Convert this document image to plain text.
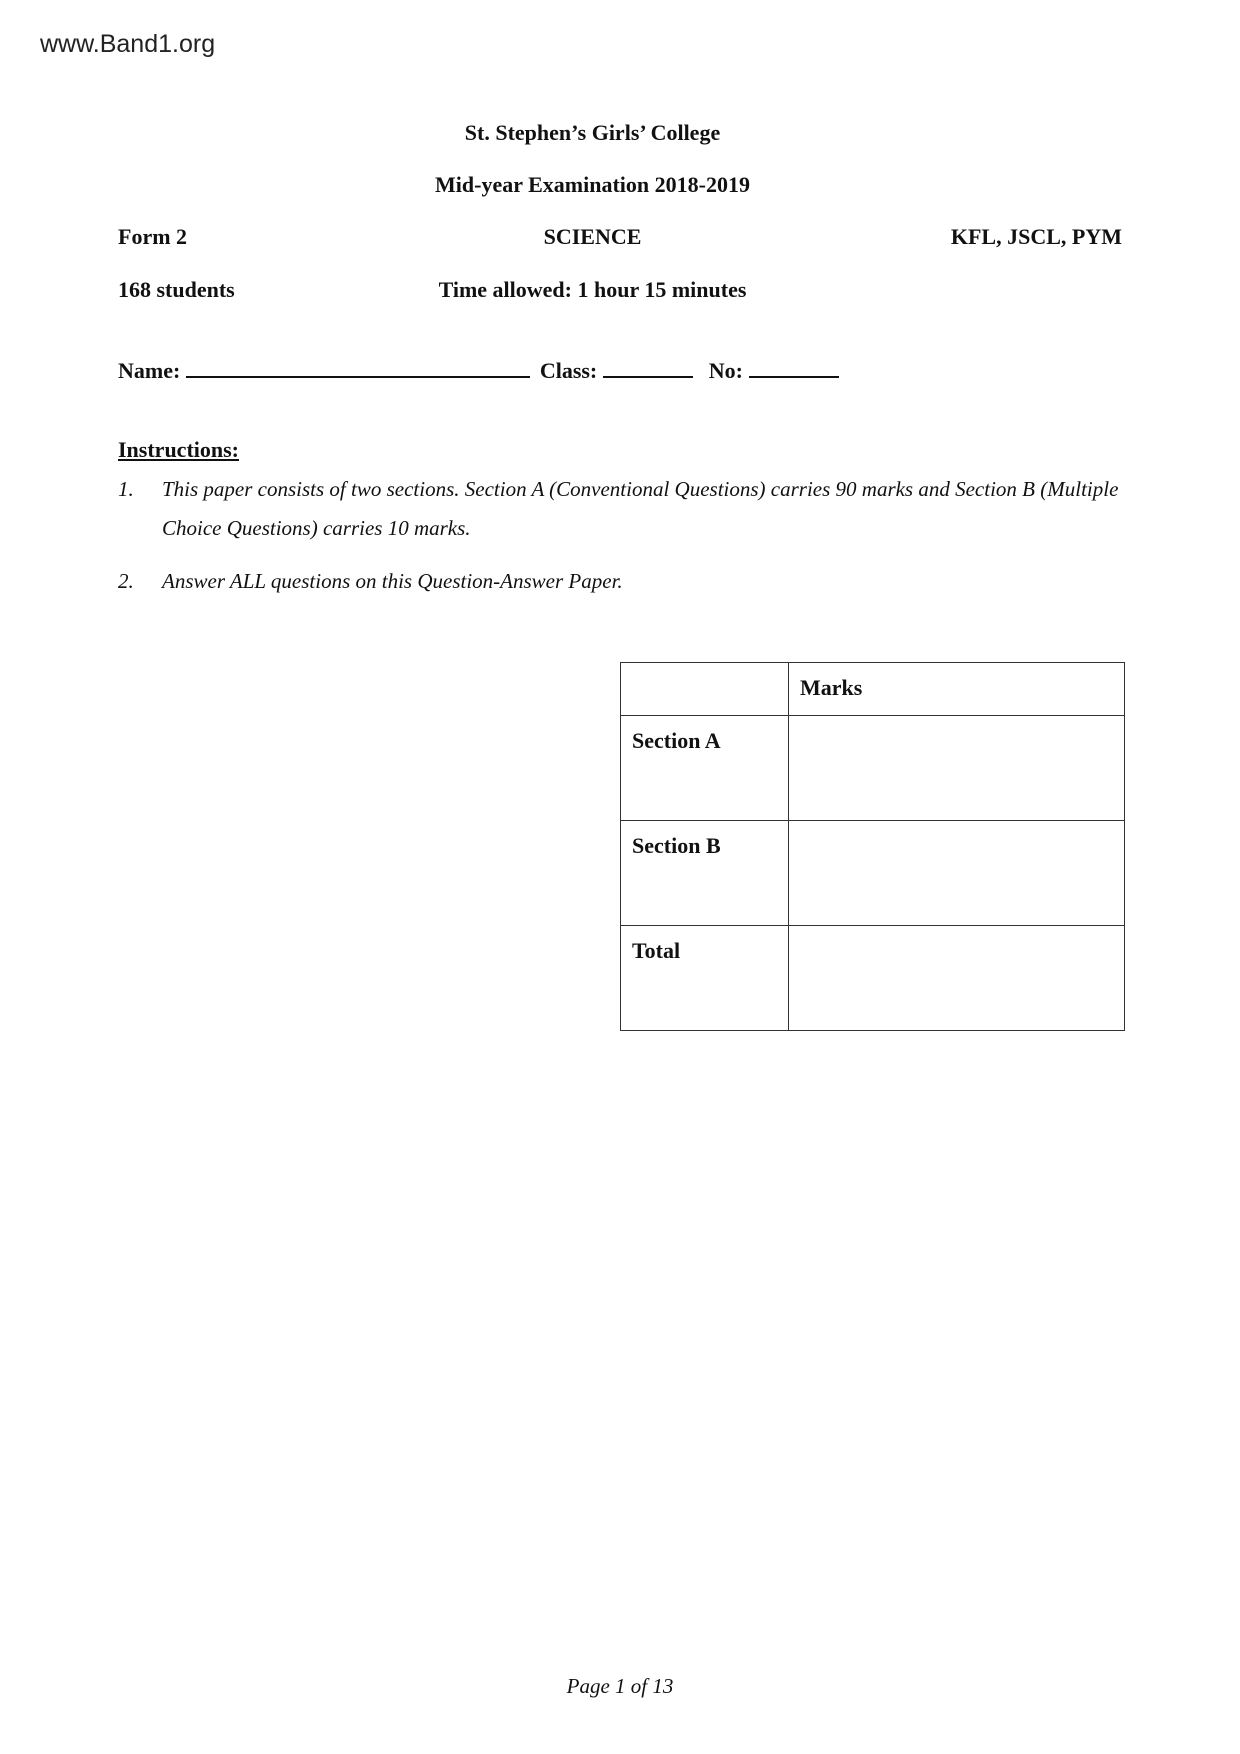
www.Band1.org
St. Stephen’s Girls’ College
Mid-year Examination 2018-2019
Form 2	SCIENCE	KFL, JSCL, PYM
168 students	Time allowed: 1 hour 15 minutes
Name:	Class:	No:
Instructions:
1. This paper consists of two sections. Section A (Conventional Questions) carries 90 marks and Section B (Multiple Choice Questions) carries 10 marks.
2. Answer ALL questions on this Question-Answer Paper.
	Marks
Section A	
Section B	
Total	
Page 1 of 13
